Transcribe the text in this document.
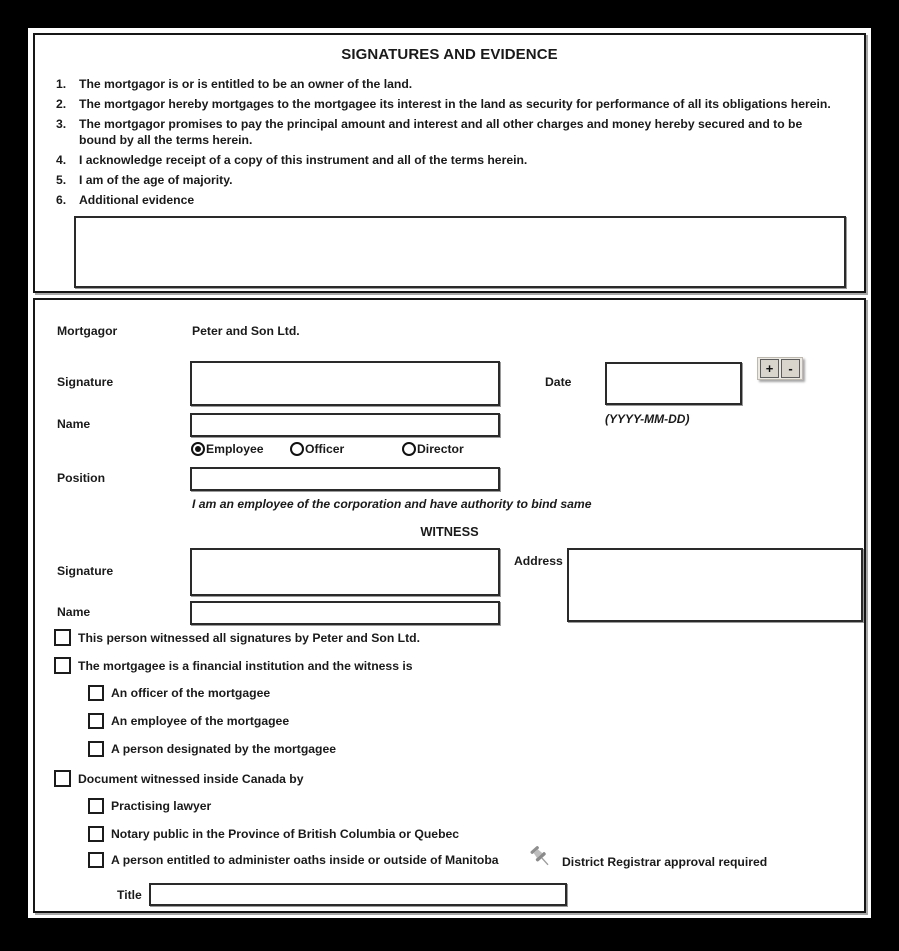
SIGNATURES AND EVIDENCE
1.	The mortgagor is or is entitled to be an owner of the land.
2.	The mortgagor hereby mortgages to the mortgagee its interest in the land as security for performance of all its obligations herein.
3.	The mortgagor promises to pay the principal amount and interest and all other charges and money hereby secured and to be bound by all the terms herein.
4.	I acknowledge receipt of a copy of this instrument and all of the terms herein.
5.	I am of the age of majority.
6.	Additional evidence
Mortgagor	Peter and Son Ltd.
Signature	Date
+	-
(YYYY-MM-DD)
Name
Employee	Officer	Director
Position
I am an employee of the corporation and have authority to bind same
WITNESS
Signature
Address
Name
This person witnessed all signatures by Peter and Son Ltd.
The mortgagee is a financial institution and the witness is
An officer of the mortgagee
An employee of the mortgagee
A person designated by the mortgagee
Document witnessed inside Canada by
Practising lawyer
Notary public in the Province of British Columbia or Quebec
A person entitled to administer oaths inside or outside of Manitoba	District Registrar approval required
Title
